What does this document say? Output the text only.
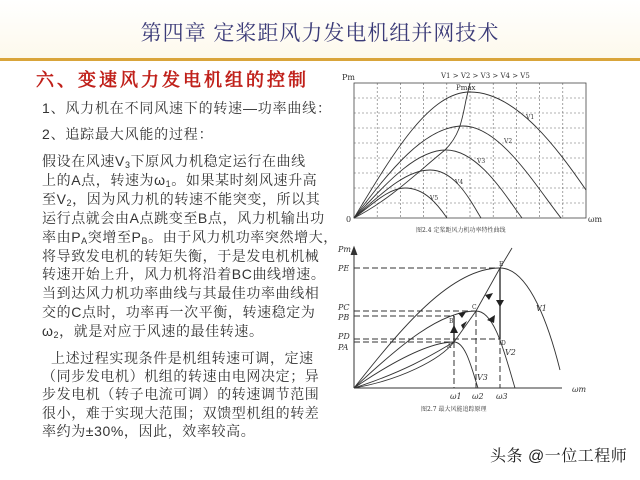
第四章 定桨距风力发电机组并网技术
六、变速风力发电机组的控制
1、风力机在不同风速下的转速—功率曲线：
2、追踪最大风能的过程：
假设在风速$V_3$下原风力机稳定运行在曲线
上的A点，转速为$\omega_1$。如果某时刻风速升高
至$V_2$，因为风力机的转速不能突变，所以其
运行点就会由A点跳变至B点，风力机输出功
率由$P_A$突增至$P_B$。由于风力机功率突然增大，
将导致发电机的转矩失衡，于是发电机机械
转速开始上升，风力机将沿着BC曲线增速。
当到达风力机功率曲线与其最佳功率曲线相
交的C点时，功率再一次平衡，转速稳定为
$\omega_2$，就是对应于风速的最佳转速。
上述过程实现条件是机组转速可调，定速
（同步发电机）机组的转速由电网决定；异
步发电机（转子电流可调）的转速调节范围
很小，难于实现大范围；双馈型机组的转差
率约为±30%，因此，效率较高。
Pm
ωm
0
V1 > V2 > V3 > V4 > V5
Pmax
V1
V2
V3
V4
V5
图2.4 定桨距风力机功率特性曲线
E
C
B
D
A
Pm
PE
PC
PB
PD
PA
ω1 ω2 ω3
V1
V2
V3
ωm
图2.7 最大风能追踪原理
头条 @一位工程师
